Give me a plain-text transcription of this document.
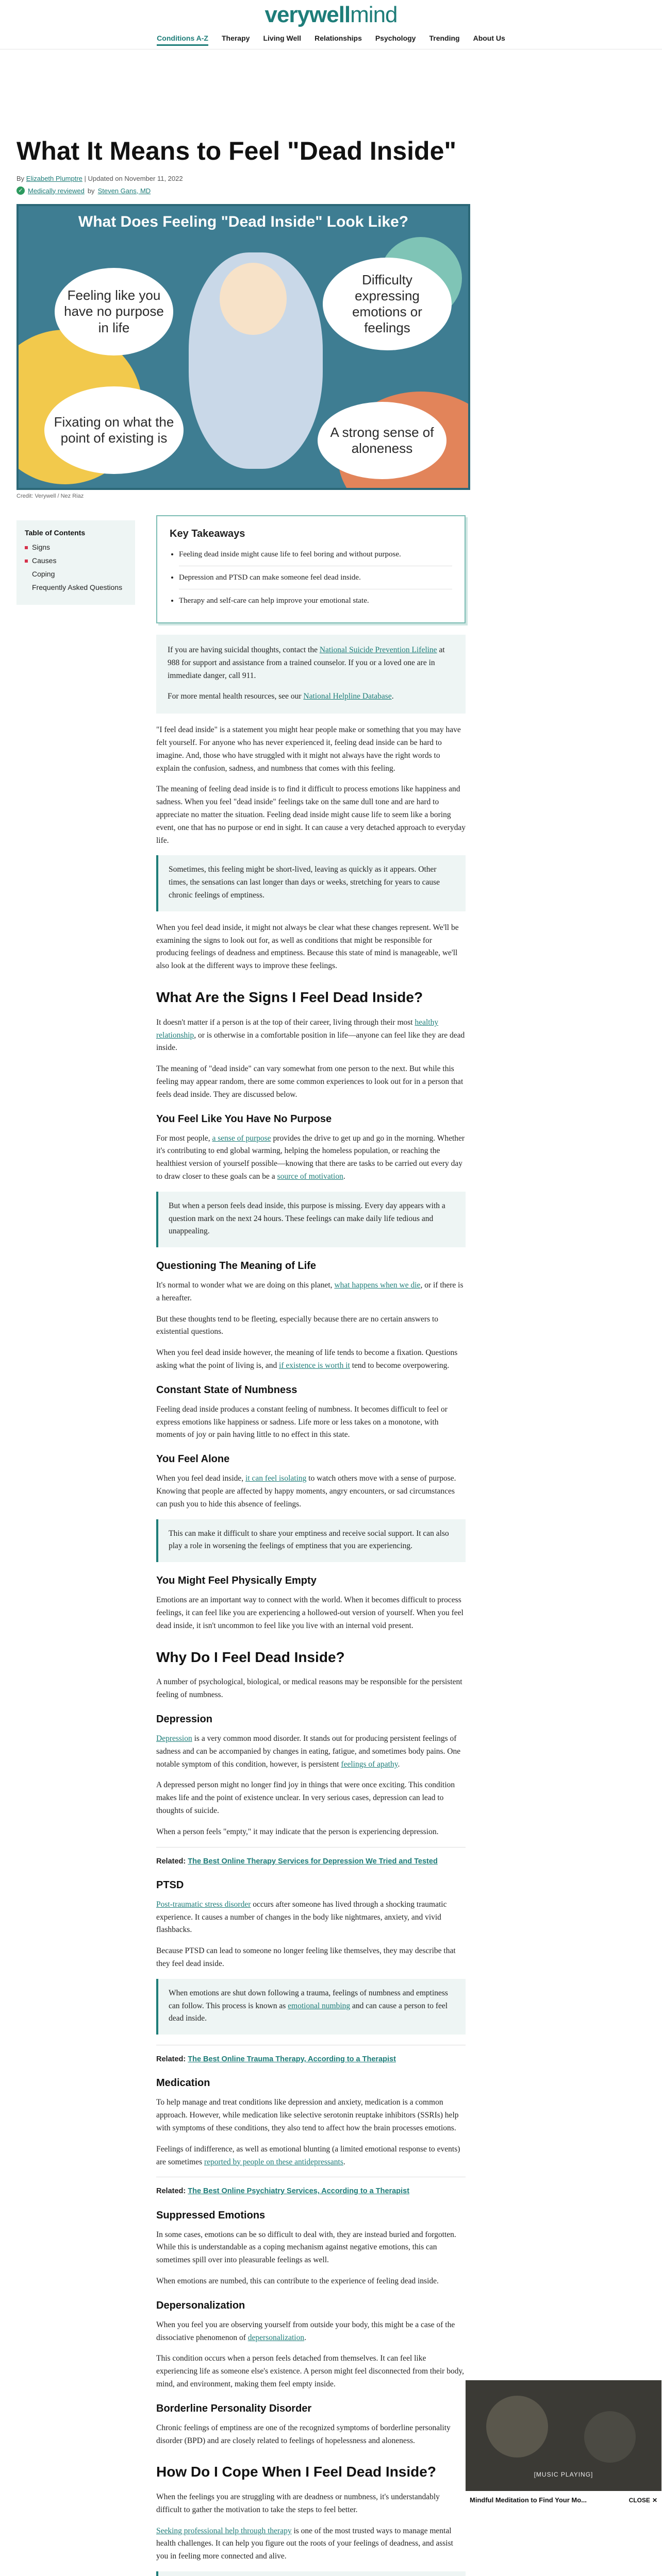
verywellmind
Conditions A-Z Therapy Living Well Relationships Psychology Trending About Us
What It Means to Feel "Dead Inside"
By Elizabeth Plumptre | Updated on November 11, 2022
✓ Medically reviewed by Steven Gans, MD
What Does Feeling "Dead Inside" Look Like?
Feeling like you have no purpose in life
Difficulty expressing emotions or feelings
Fixating on what the point of existing is	A strong sense of aloneness
Credit: Verywell / Nez Riaz
Table of Contents
Signs
Causes
Coping
Frequently Asked Questions
Key Takeaways
• Feeling dead inside might cause life to feel boring and without purpose.
• Depression and PTSD can make someone feel dead inside.
• Therapy and self-care can help improve your emotional state.

If you are having suicidal thoughts, contact the National Suicide Prevention Lifeline at 988 for support and assistance from a trained counselor. If you or a loved one are in immediate danger, call 911.

For more mental health resources, see our National Helpline Database.

"I feel dead inside" is a statement you might hear people make or something that you may have felt yourself. For anyone who has never experienced it, feeling dead inside can be hard to imagine. And, those who have struggled with it might not always have the right words to explain the confusion, sadness, and numbness that comes with this feeling.

The meaning of feeling dead inside is to find it difficult to process emotions like happiness and sadness. When you feel "dead inside" feelings take on the same dull tone and are hard to appreciate no matter the situation. Feeling dead inside might cause life to seem like a boring event, one that has no purpose or end in sight. It can cause a very detached approach to everyday life.

Sometimes, this feeling might be short-lived, leaving as quickly as it appears. Other times, the sensations can last longer than days or weeks, stretching for years to cause chronic feelings of emptiness.

When you feel dead inside, it might not always be clear what these changes represent. We'll be examining the signs to look out for, as well as conditions that might be responsible for producing feelings of deadness and emptiness. Because this state of mind is manageable, we'll also look at the different ways to improve these feelings.

What Are the Signs I Feel Dead Inside?

It doesn't matter if a person is at the top of their career, living through their most healthy relationship, or is otherwise in a comfortable position in life—anyone can feel like they are dead inside.

The meaning of "dead inside" can vary somewhat from one person to the next. But while this feeling may appear random, there are some common experiences to look out for in a person that feels dead inside. They are discussed below.

You Feel Like You Have No Purpose

For most people, a sense of purpose provides the drive to get up and go in the morning. Whether it's contributing to end global warming, helping the homeless population, or reaching the healthiest version of yourself possible—knowing that there are tasks to be carried out every day to draw closer to these goals can be a source of motivation.

But when a person feels dead inside, this purpose is missing. Every day appears with a question mark on the next 24 hours. These feelings can make daily life tedious and unappealing.

Questioning The Meaning of Life

It's normal to wonder what we are doing on this planet, what happens when we die, or if there is a hereafter.

But these thoughts tend to be fleeting, especially because there are no certain answers to existential questions.

When you feel dead inside however, the meaning of life tends to become a fixation. Questions asking what the point of living is, and if existence is worth it tend to become overpowering.

Constant State of Numbness

Feeling dead inside produces a constant feeling of numbness. It becomes difficult to feel or express emotions like happiness or sadness. Life more or less takes on a monotone, with moments of joy or pain having little to no effect in this state.

You Feel Alone

When you feel dead inside, it can feel isolating to watch others move with a sense of purpose. Knowing that people are affected by happy moments, angry encounters, or sad circumstances can push you to hide this absence of feelings.

This can make it difficult to share your emptiness and receive social support. It can also play a role in worsening the feelings of emptiness that you are experiencing.

You Might Feel Physically Empty

Emotions are an important way to connect with the world. When it becomes difficult to process feelings, it can feel like you are experiencing a hollowed-out version of yourself. When you feel dead inside, it isn't uncommon to feel like you live with an internal void present.

Why Do I Feel Dead Inside?

A number of psychological, biological, or medical reasons may be responsible for the persistent feeling of numbness.

Depression

Depression is a very common mood disorder. It stands out for producing persistent feelings of sadness and can be accompanied by changes in eating, fatigue, and sometimes body pains. One notable symptom of this condition, however, is persistent feelings of apathy.

A depressed person might no longer find joy in things that were once exciting. This condition makes life and the point of existence unclear. In very serious cases, depression can lead to thoughts of suicide.

When a person feels "empty," it may indicate that the person is experiencing depression.

Related: The Best Online Therapy Services for Depression We Tried and Tested
PTSD

Post-traumatic stress disorder occurs after someone has lived through a shocking traumatic experience. It causes a number of changes in the body like nightmares, anxiety, and vivid flashbacks.

Because PTSD can lead to someone no longer feeling like themselves, they may describe that they feel dead inside.

When emotions are shut down following a trauma, feelings of numbness and emptiness can follow. This process is known as emotional numbing and can cause a person to feel dead inside.

Related: The Best Online Trauma Therapy, According to a Therapist
Medication

To help manage and treat conditions like depression and anxiety, medication is a common approach. However, while medication like selective serotonin reuptake inhibitors (SSRIs) help with symptoms of these conditions, they also tend to affect how the brain processes emotions.

Feelings of indifference, as well as emotional blunting (a limited emotional response to events) are sometimes reported by people on these antidepressants.

Related: The Best Online Psychiatry Services, According to a Therapist
Suppressed Emotions

In some cases, emotions can be so difficult to deal with, they are instead buried and forgotten. While this is understandable as a coping mechanism against negative emotions, this can sometimes spill over into pleasurable feelings as well.

When emotions are numbed, this can contribute to the experience of feeling dead inside.

Depersonalization

When you feel you are observing yourself from outside your body, this might be a case of the dissociative phenomenon of depersonalization.

This condition occurs when a person feels detached from themselves. It can feel like experiencing life as someone else's existence. A person might feel disconnected from their body, mind, and environment, making them feel empty inside.

Borderline Personality Disorder

Chronic feelings of emptiness are one of the recognized symptoms of borderline personality disorder (BPD) and are closely related to feelings of hopelessness and aloneness.

How Do I Cope When I Feel Dead Inside?

When the feelings you are struggling with are deadness or numbness, it's understandably difficult to gather the motivation to take the steps to feel better.

Seeking professional help through therapy is one of the most trusted ways to manage mental health challenges. It can help you figure out the roots of your feelings of deadness, and assist you in feeling more connected and alive.

[MUSIC PLAYING]
Mindful Meditation to Find Your Mo...	CLOSE ✕
